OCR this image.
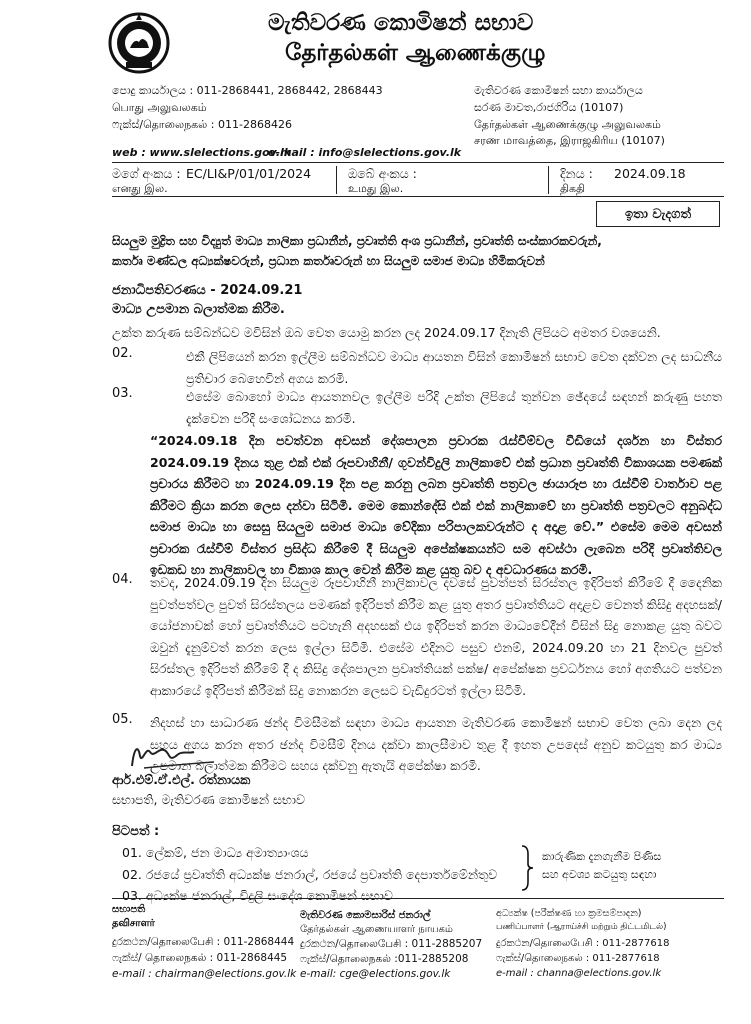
මැතිවරණ කොමිෂන් සභාව
தேர்தல்கள் ஆணைக்குழு
පොදු කාර්යාලය : 011-2868441, 2868442, 2868443
பொது அலுவலகம்
ෆැක්ස්/தொலைநகல் : 011-2868426
web : www.slelections.gov.lk
e-mail : info@slelections.gov.lk
මැතිවරණ කොමිෂන් සභා කාර්යාලය
සරණ මාවත,රාජගිරිය (10107)
தேர்தல்கள் ஆணைக்குழு அலுவலகம்
சரண மாவத்தை, இராஜகிரிய (10107)
මගේ අංකය : EC/LI&P/01/01/2024
எனது இல.
ඔබේ අංකය :
உமது இல.
දිනය : 2024.09.18
திகதி
ඉතා වැදගත්
සියලුම මුද්‍රිත සහ විද්‍යුත් මාධ්‍ය නාලිකා ප්‍රධානීන්, ප්‍රවෘත්ති අංශ ප්‍රධානීන්, ප්‍රවෘත්ති සංස්කාරකවරුන්,
කර්තෘ මණ්ඩල අධ්‍යක්ෂවරුන්, ප්‍රධාන කර්තෘවරුන් හා සියලුම සමාජ මාධ්‍ය හිමිකරුවන්
ජනාධිපතිවරණය - 2024.09.21
මාධ්‍ය උපමාන බලාත්මක කිරීම.
උක්ත කරුණ සම්බන්ධව මවිසින් ඔබ වෙත යොමු කරන ලද 2024.09.17 දිනැති ලිපියට අමතර වශයෙනි.
02.	එකී ලිපියෙන් කරන ඉල්ලීම සම්බන්ධව මාධ්‍ය ආයතන විසින් කොමිෂන් සභාව වෙත දක්වන ලද සාධනීය ප්‍රතිචාර බෙහෙවින් අගය කරමි.
03.	එසේම බොහෝ මාධ්‍ය ආයතනවල ඉල්ලීම පරිදි උක්ත ලිපියේ තුන්වන ඡේදයේ සඳහන් කරුණු පහත දැක්වෙන පරිදි සංශෝධනය කරමි.
“2024.09.18 දින පවත්වන අවසන් දේශපාලන ප්‍රචාරක රැස්වීම්වල වීඩියෝ දර්ශන හා විස්තර 2024.09.19 දිනය තුළ එක් එක් රූපවාහිනී/ ගුවන්විදුලි නාලිකාවේ එක් ප්‍රධාන ප්‍රවෘත්ති විකාශයක පමණක් ප්‍රචාරය කිරීමට හා 2024.09.19 දින පළ කරනු ලබන ප්‍රවෘත්ති පත්‍රවල ඡායාරූප හා රැස්වීම් වාර්තාව පළ කිරීමට ක්‍රියා කරන ලෙස දන්වා සිටිමි. මෙම කොන්දේසි එක් එක් නාලිකාවේ හා ප්‍රවෘත්ති පත්‍රවලට අනුබද්ධ සමාජ මාධ්‍ය හා සෙසු සියලුම සමාජ මාධ්‍ය වේදිකා පරිපාලකවරුන්ට ද අදාළ වේ.” එසේම මෙම අවසන් ප්‍රචාරක රැස්වීම් විස්තර ප්‍රසිද්ධ කිරීමේ දී සියලුම අපේක්ෂකයන්ට සම අවස්ථා ලැබෙන පරිදි ප්‍රවෘත්තිවල ඉඩකඩ හා නාලිකාවල හා විකාශ කාල වෙන් කිරීම කළ යුතු බව ද අවධාරණය කරමි.
04. තවද, 2024.09.19 දින සියලුම රූපවාහිනී නාලිකාවල දවසේ පුවත්පත් සිරස්තල ඉදිරිපත් කිරීමේ දී දෛනික පුවත්පත්වල පුවත් සිරස්තලය පමණක් ඉදිරිපත් කිරීම කළ යුතු අතර ප්‍රවෘත්තියට අදාළව වෙනත් කිසිදු අදහසක්/ යෝජනාවක් හෝ ප්‍රවෘත්තියට පටහැනි අදහසක් එය ඉදිරිපත් කරන මාධ්‍යවේදීන් විසින් සිදු නොකළ යුතු බවට ඔවුන් දැනුම්වත් කරන ලෙස ඉල්ලා සිටිමි. එසේම එදිනට පසුව එනම්, 2024.09.20 හා 21 දිනවල පුවත් සිරස්තල ඉදිරිපත් කිරීමේ දී ද කිසිදු දේශපාලන ප්‍රවෘත්තියක් පක්ෂ/ අපේක්ෂක ප්‍රවර්ධනය හෝ අගතියට පත්වන ආකාරයේ ඉදිරිපත් කිරීමක් සිදු නොකරන ලෙසට වැඩිදුරටත් ඉල්ලා සිටිමි.
05. නිදහස් හා සාධාරණ ඡන්ද විමසීමක් සඳහා මාධ්‍ය ආයතන මැතිවරණ කොමිෂන් සභාව වෙත ලබා දෙන ලද සහය අගය කරන අතර ඡන්ද විමසීම් දිනය දක්වා කාලසීමාව තුළ දී ඉහත උපදෙස් අනුව කටයුතු කර මාධ්‍ය උපමාන බලාත්මක කිරීමට සහය දක්වනු ඇතැයි අපේක්ෂා කරමි.
ආර්.එම්.ඒ.එල්. රත්නායක
සභාපති, මැතිවරණ කොමිෂන් සභාව
පිටපත් :
01. ලේකම්, ජන මාධ්‍ය අමාත්‍යාංශය
02. රජයේ ප්‍රවෘත්ති අධ්‍යක්ෂ ජනරාල්, රජයේ ප්‍රවෘත්ති දෙපාර්තමේන්තුව
03. අධ්‍යක්ෂ ජනරාල්, විදුලි සංදේශ කොමිෂන් සභාව
කාරුණික දැනගැනීම පිණිස
සහ අවශ්‍ය කටයුතු සඳහා
සභාපති
தவிசாளர்
දුරකථන/தொலைபேசி : 011-2868444
ෆැක්ස්/ தொலைநகல் : 011-2868445
e-mail : chairman@elections.gov.lk
මැතිවරණ කොමසාරිස් ජනරාල්
தேர்தல்கள் ஆணையாளர் நாயகம்
දුරකථන/தொலைபேசி : 011-2885207
ෆැක්ස්/தொலைநகல் :011-2885208
e-mail: cge@elections.gov.lk
අධ්‍යක්ෂ (පරීක්ෂණ හා ක්‍රමසම්පාදන)
பணிப்பாளர் (ஆராய்ச்சி மற்றும் திட்டமிடல்)
දුරකථන/தொலைபேசி : 011-2877618
ෆැක්ස්/தொலைநகல் : 011-2877618
e-mail : channa@elections.gov.lk
